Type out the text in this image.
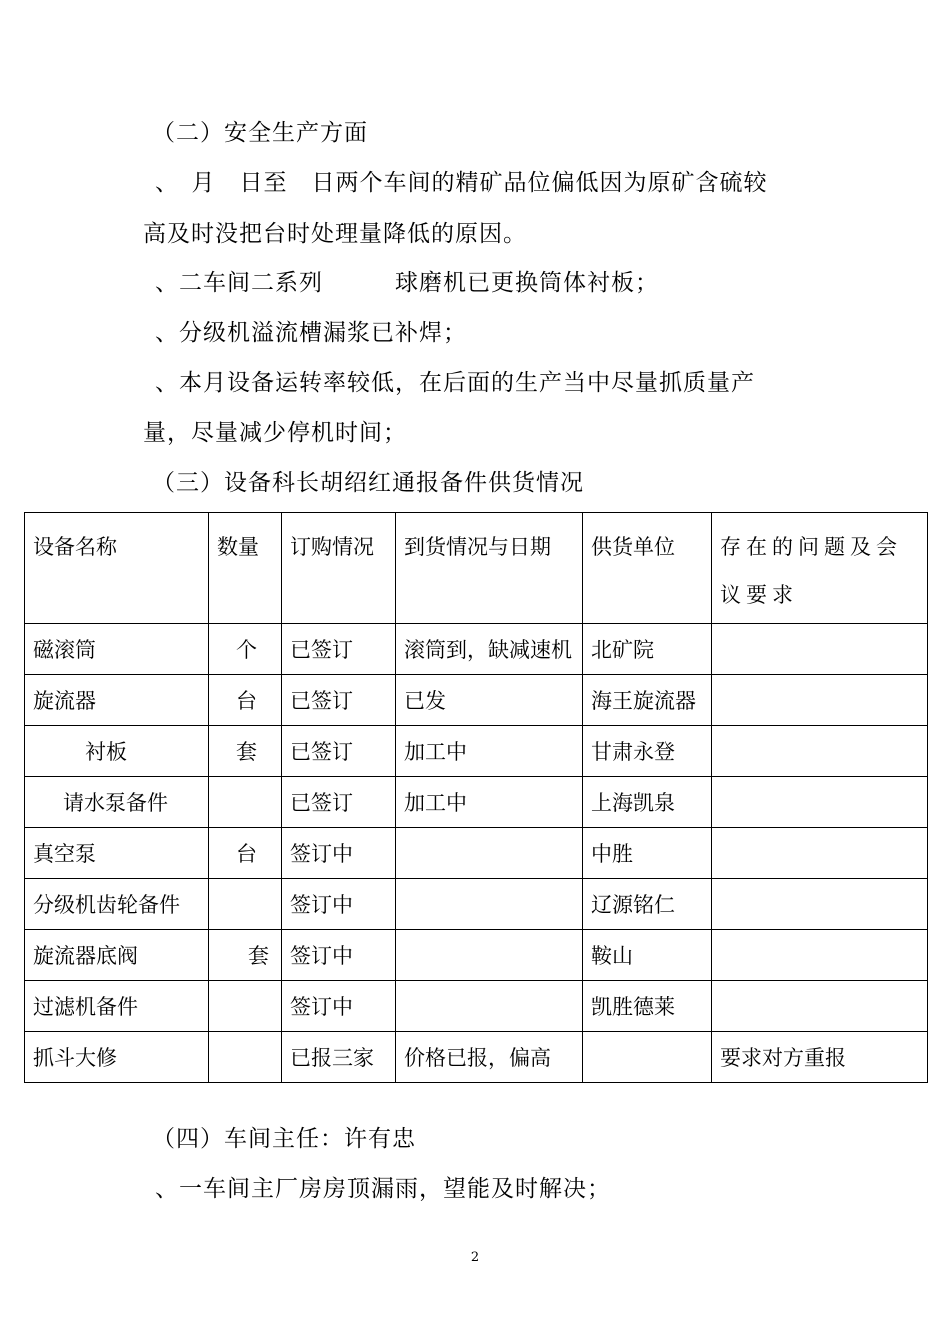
（二）安全生产方面
、　月　日至　日两个车间的精矿品位偏低因为原矿含硫较
高及时没把台时处理量降低的原因。
、二车间二系列　　　球磨机已更换筒体衬板；
、分级机溢流槽漏浆已补焊；
、本月设备运转率较低，在后面的生产当中尽量抓质量产
量，尽量减少停机时间；
（三）设备科长胡绍红通报备件供货情况
设备名称	数量	订购情况	到货情况与日期	供货单位	存在的问题及会议要求
磁滚筒	个	已签订	滚筒到，缺减速机	北矿院	
旋流器	台	已签订	已发	海王旋流器	
衬板	套	已签订	加工中	甘肃永登	
请水泵备件		已签订	加工中	上海凯泉	
真空泵	台	签订中		中胜	
分级机齿轮备件		签订中		辽源铭仁	
旋流器底阀	套	签订中		鞍山	
过滤机备件		签订中		凯胜德莱	
抓斗大修		已报三家	价格已报，偏高		要求对方重报
（四）车间主任：许有忠
、一车间主厂房房顶漏雨，望能及时解决；
2
